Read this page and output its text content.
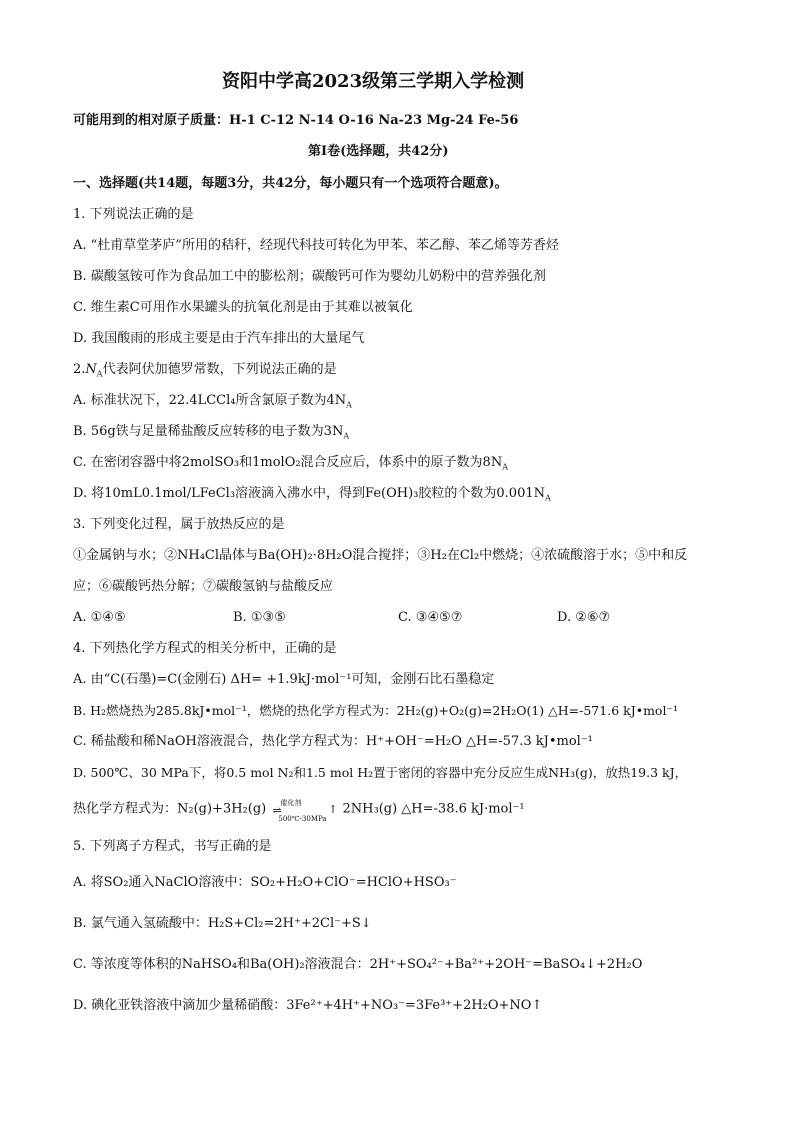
资阳中学高2023级第三学期入学检测
可能用到的相对原子质量：H-1 C-12 N-14 O-16 Na-23 Mg-24 Fe-56
第Ⅰ卷(选择题，共42分)
一、选择题(共14题，每题3分，共42分，每小题只有一个选项符合题意)。
1. 下列说法正确的是
A. “杜甫草堂茅庐”所用的秸秆，经现代科技可转化为甲苯、苯乙醇、苯乙烯等芳香烃
B. 碳酸氢铵可作为食品加工中的膨松剂；碳酸钙可作为婴幼儿奶粉中的营养强化剂
C. 维生素C可用作水果罐头的抗氧化剂是由于其难以被氧化
D. 我国酸雨的形成主要是由于汽车排出的大量尾气
$2.N_A$代表阿伏加德罗常数，下列说法正确的是
A. 标准状况下，22.4LCCl₄所含氯原子数为$4N_A$
B. 56g铁与足量稀盐酸反应转移的电子数为$3N_A$
C. 在密闭容器中将2molSO₃和1molO₂混合反应后，体系中的原子数为$8N_A$
D. 将10mL0.1mol/LFeCl₃溶液滴入沸水中，得到Fe(OH)₃胶粒的个数为$0.001N_A$
3. 下列变化过程，属于放热反应的是
①金属钠与水；②NH₄Cl晶体与Ba(OH)₂·8H₂O混合搅拌；③H₂在Cl₂中燃烧；④浓硫酸溶于水；⑤中和反
应；⑥碳酸钙热分解；⑦碳酸氢钠与盐酸反应
A. ①④⑤	B. ①③⑤	C. ③④⑤⑦	D. ②⑥⑦
4. 下列热化学方程式的相关分析中，正确的是
A. 由“C(石墨)=C(金刚石) ΔH= +1.9kJ·mol⁻¹可知，金刚石比石墨稳定
B. H₂燃烧热为285.8kJ•mol⁻¹，燃烧的热化学方程式为：2H₂(g)+O₂(g)=2H₂O(1) △H=-571.6 kJ•mol⁻¹
C. 稀盐酸和稀NaOH溶液混合，热化学方程式为：H⁺+OH⁻=H₂O △H=-57.3 kJ•mol⁻¹
D. 500℃、30 MPa下，将0.5 mol N₂和1.5 mol H₂置于密闭的容器中充分反应生成NH₃(g)，放热19.3 kJ，
热化学方程式为：N₂(g)+3H₂(g) ⇌
催化剂
500℃-30MPa
↑ 2NH₃(g) △H=-38.6 kJ·mol⁻¹
5. 下列离子方程式，书写正确的是
A. 将SO₂通入NaClO溶液中：SO₂+H₂O+ClO⁻=HClO+HSO₃⁻
B. 氯气通入氢硫酸中：H₂S+Cl₂=2H⁺+2Cl⁻+S↓
C. 等浓度等体积的NaHSO₄和Ba(OH)₂溶液混合：2H⁺+SO₄²⁻+Ba²⁺+2OH⁻=BaSO₄↓+2H₂O
D. 碘化亚铁溶液中滴加少量稀硝酸：3Fe²⁺+4H⁺+NO₃⁻=3Fe³⁺+2H₂O+NO↑
